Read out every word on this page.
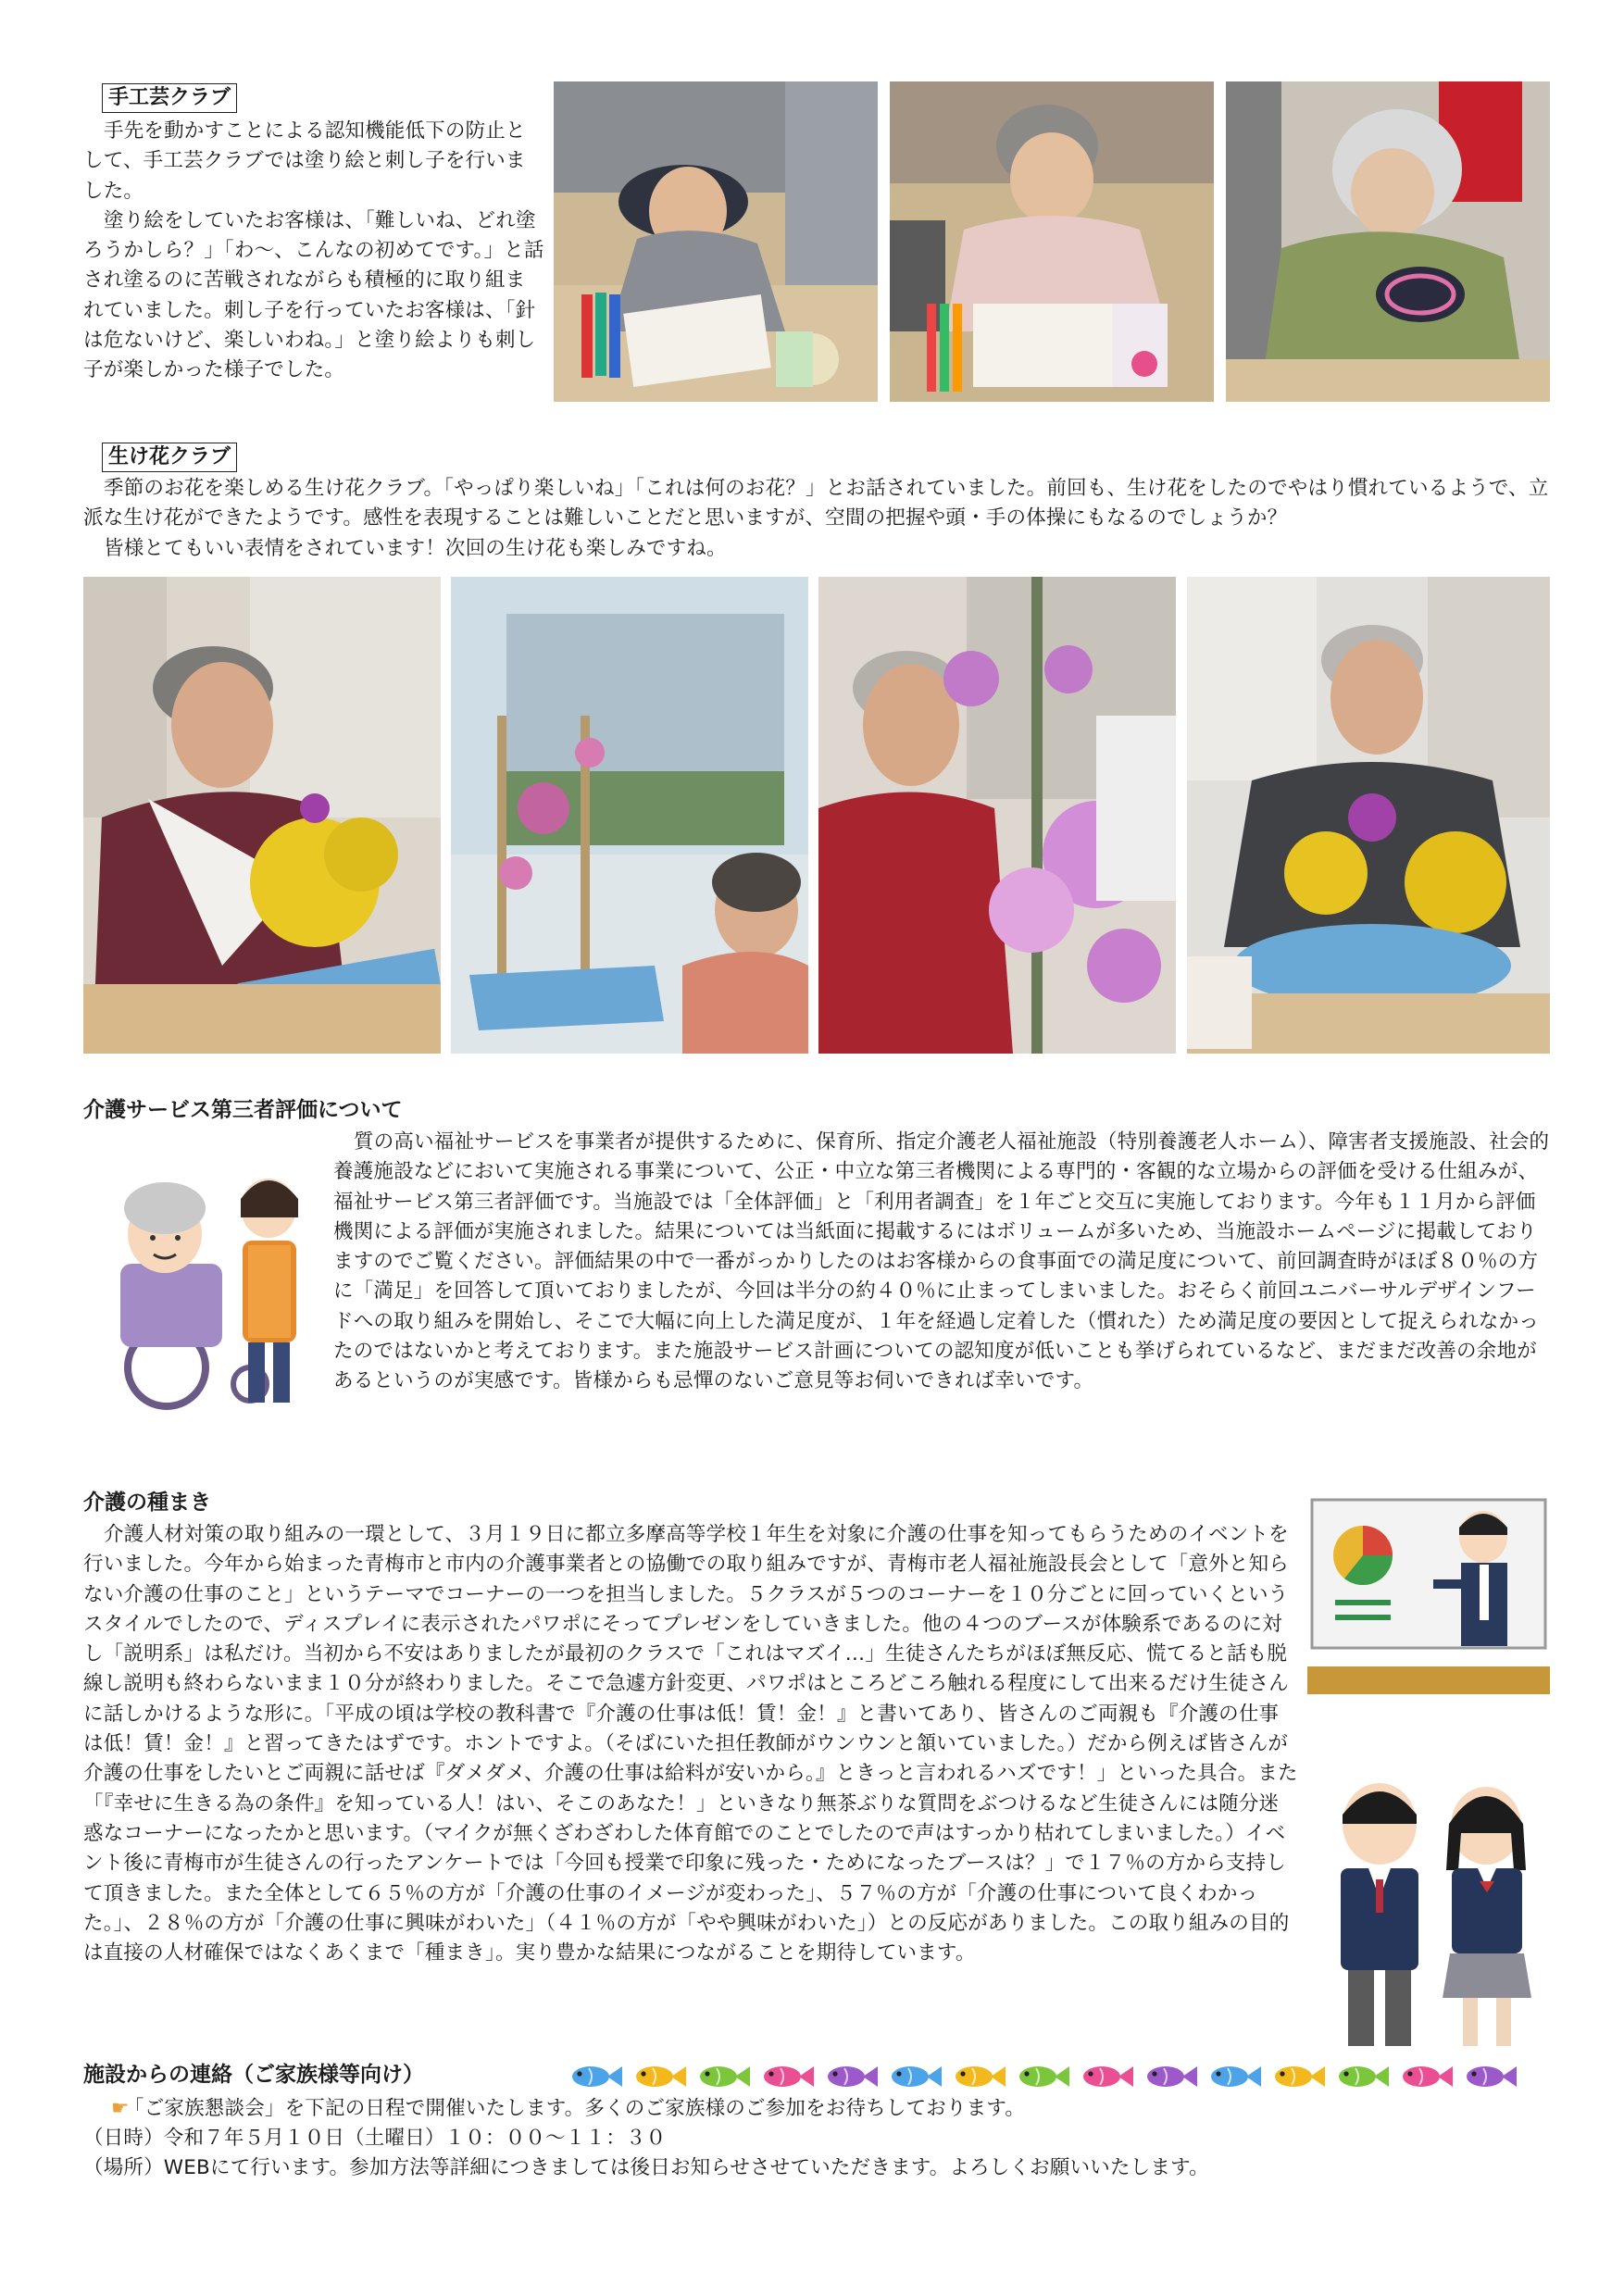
手工芸クラブ
手先を動かすことによる認知機能低下の防止として、手工芸クラブでは塗り絵と刺し子を行いました。
塗り絵をしていたお客様は、「難しいね、どれ塗ろうかしら？」「わ～、こんなの初めてです。」と話され塗るのに苦戦されながらも積極的に取り組まれていました。刺し子を行っていたお客様は、「針は危ないけど、楽しいわね。」と塗り絵よりも刺し子が楽しかった様子でした。
生け花クラブ
季節のお花を楽しめる生け花クラブ。「やっぱり楽しいね」「これは何のお花？」とお話されていました。前回も、生け花をしたのでやはり慣れているようで、立派な生け花ができたようです。感性を表現することは難しいことだと思いますが、空間の把握や頭・手の体操にもなるのでしょうか？
皆様とてもいい表情をされています！次回の生け花も楽しみですね。
介護サービス第三者評価について
質の高い福祉サービスを事業者が提供するために、保育所、指定介護老人福祉施設（特別養護老人ホーム）、障害者支援施設、社会的養護施設などにおいて実施される事業について、公正・中立な第三者機関による専門的・客観的な立場からの評価を受ける仕組みが、福祉サービス第三者評価です。当施設では「全体評価」と「利用者調査」を１年ごと交互に実施しております。今年も１１月から評価機関による評価が実施されました。結果については当紙面に掲載するにはボリュームが多いため、当施設ホームページに掲載しておりますのでご覧ください。評価結果の中で一番がっかりしたのはお客様からの食事面での満足度について、前回調査時がほぼ８０％の方に「満足」を回答して頂いておりましたが、今回は半分の約４０％に止まってしまいました。おそらく前回ユニバーサルデザインフードへの取り組みを開始し、そこで大幅に向上した満足度が、１年を経過し定着した（慣れた）ため満足度の要因として捉えられなかったのではないかと考えております。また施設サービス計画についての認知度が低いことも挙げられているなど、まだまだ改善の余地があるというのが実感です。皆様からも忌憚のないご意見等お伺いできれば幸いです。
介護の種まき
介護人材対策の取り組みの一環として、３月１９日に都立多摩高等学校１年生を対象に介護の仕事を知ってもらうためのイベントを行いました。今年から始まった青梅市と市内の介護事業者との協働での取り組みですが、青梅市老人福祉施設長会として「意外と知らない介護の仕事のこと」というテーマでコーナーの一つを担当しました。５クラスが５つのコーナーを１０分ごとに回っていくというスタイルでしたので、ディスプレイに表示されたパワポにそってプレゼンをしていきました。他の４つのブースが体験系であるのに対し「説明系」は私だけ。当初から不安はありましたが最初のクラスで「これはマズイ…」生徒さんたちがほぼ無反応、慌てると話も脱線し説明も終わらないまま１０分が終わりました。そこで急遽方針変更、パワポはところどころ触れる程度にして出来るだけ生徒さんに話しかけるような形に。「平成の頃は学校の教科書で『介護の仕事は低！賃！金！』と書いてあり、皆さんのご両親も『介護の仕事は低！賃！金！』と習ってきたはずです。ホントですよ。（そばにいた担任教師がウンウンと頷いていました。）だから例えば皆さんが介護の仕事をしたいとご両親に話せば『ダメダメ、介護の仕事は給料が安いから。』ときっと言われるハズです！」といった具合。また「『幸せに生きる為の条件』を知っている人！はい、そこのあなた！」といきなり無茶ぶりな質問をぶつけるなど生徒さんには随分迷惑なコーナーになったかと思います。（マイクが無くざわざわした体育館でのことでしたので声はすっかり枯れてしまいました。）イベント後に青梅市が生徒さんの行ったアンケートでは「今回も授業で印象に残った・ためになったブースは？」で１７％の方から支持して頂きました。また全体として６５％の方が「介護の仕事のイメージが変わった」、５７％の方が「介護の仕事について良くわかった。」、２８％の方が「介護の仕事に興味がわいた」（４１％の方が「やや興味がわいた」）との反応がありました。この取り組みの目的は直接の人材確保ではなくあくまで「種まき」。実り豊かな結果につながることを期待しています。
施設からの連絡（ご家族様等向け）
☛「ご家族懇談会」を下記の日程で開催いたします。多くのご家族様のご参加をお待ちしております。
（日時）令和７年５月１０日（土曜日）１０：００～１１：３０
（場所）WEBにて行います。参加方法等詳細につきましては後日お知らせさせていただきます。よろしくお願いいたします。
